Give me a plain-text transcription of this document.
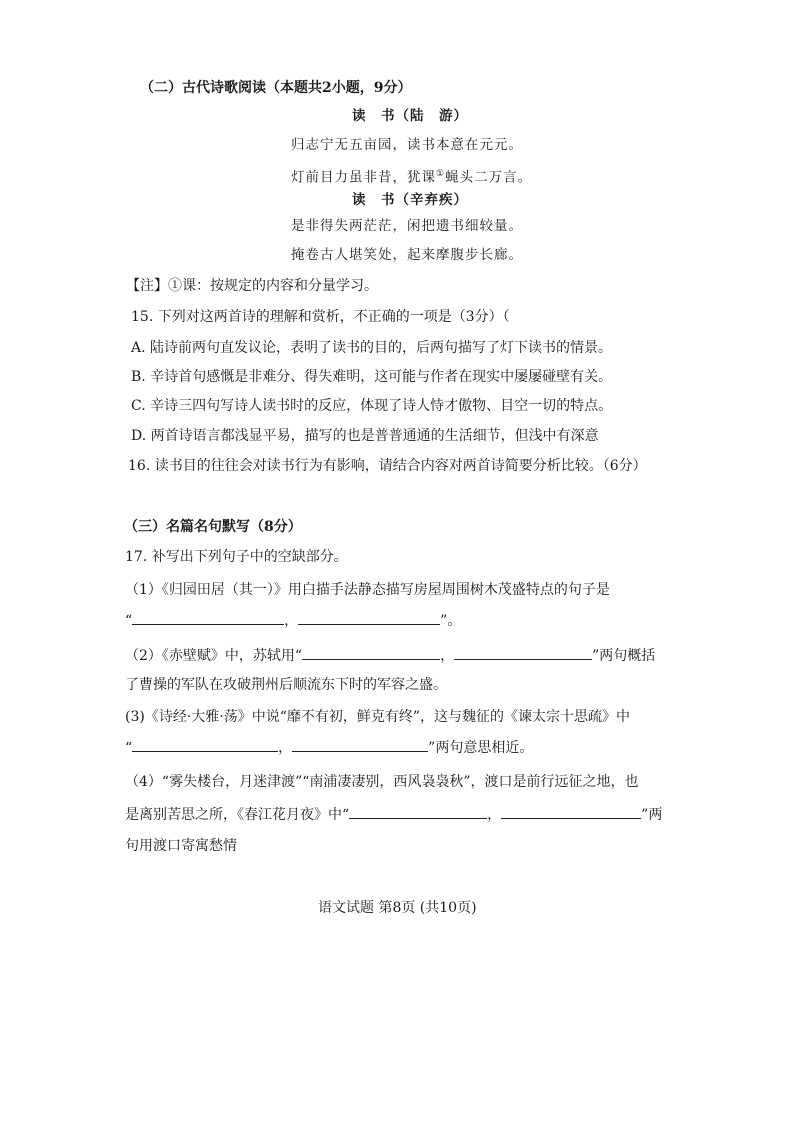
（二）古代诗歌阅读（本题共2小题，9分）
读　书（陆　游）
归志宁无五亩园，读书本意在元元。
灯前目力虽非昔，犹课①蝇头二万言。
读　书（辛弃疾）
是非得失两茫茫，闲把遗书细较量。
掩卷古人堪笑处，起来摩腹步长廊。
【注】①课：按规定的内容和分量学习。
15. 下列对这两首诗的理解和赏析，不正确的一项是（3分）（
A. 陆诗前两句直发议论，表明了读书的目的，后两句描写了灯下读书的情景。
B. 辛诗首句感慨是非难分、得失难明，这可能与作者在现实中屡屡碰壁有关。
C. 辛诗三四句写诗人读书时的反应，体现了诗人恃才傲物、目空一切的特点。
D. 两首诗语言都浅显平易，描写的也是普普通通的生活细节，但浅中有深意
16. 读书目的往往会对读书行为有影响，请结合内容对两首诗简要分析比较。（6分）
（三）名篇名句默写（8分）
17. 补写出下列句子中的空缺部分。
（1）《归园田居（其一）》用白描手法静态描写房屋周围树木茂盛特点的句子是
“	，	”。
（2）《赤壁赋》中，苏轼用“	，	”两句概括
了曹操的军队在攻破荆州后顺流东下时的军容之盛。
(3)《诗经·大雅·荡》中说“靡不有初，鲜克有终”，这与魏征的《谏太宗十思疏》中
“	，	”两句意思相近。
（4）“雾失楼台，月迷津渡”“南浦凄凄别，西风袅袅秋”，渡口是前行远征之地，也
是离别苦思之所，《春江花月夜》中“	，	”两
句用渡口寄寓愁情
语文试题 第8页 (共10页)
